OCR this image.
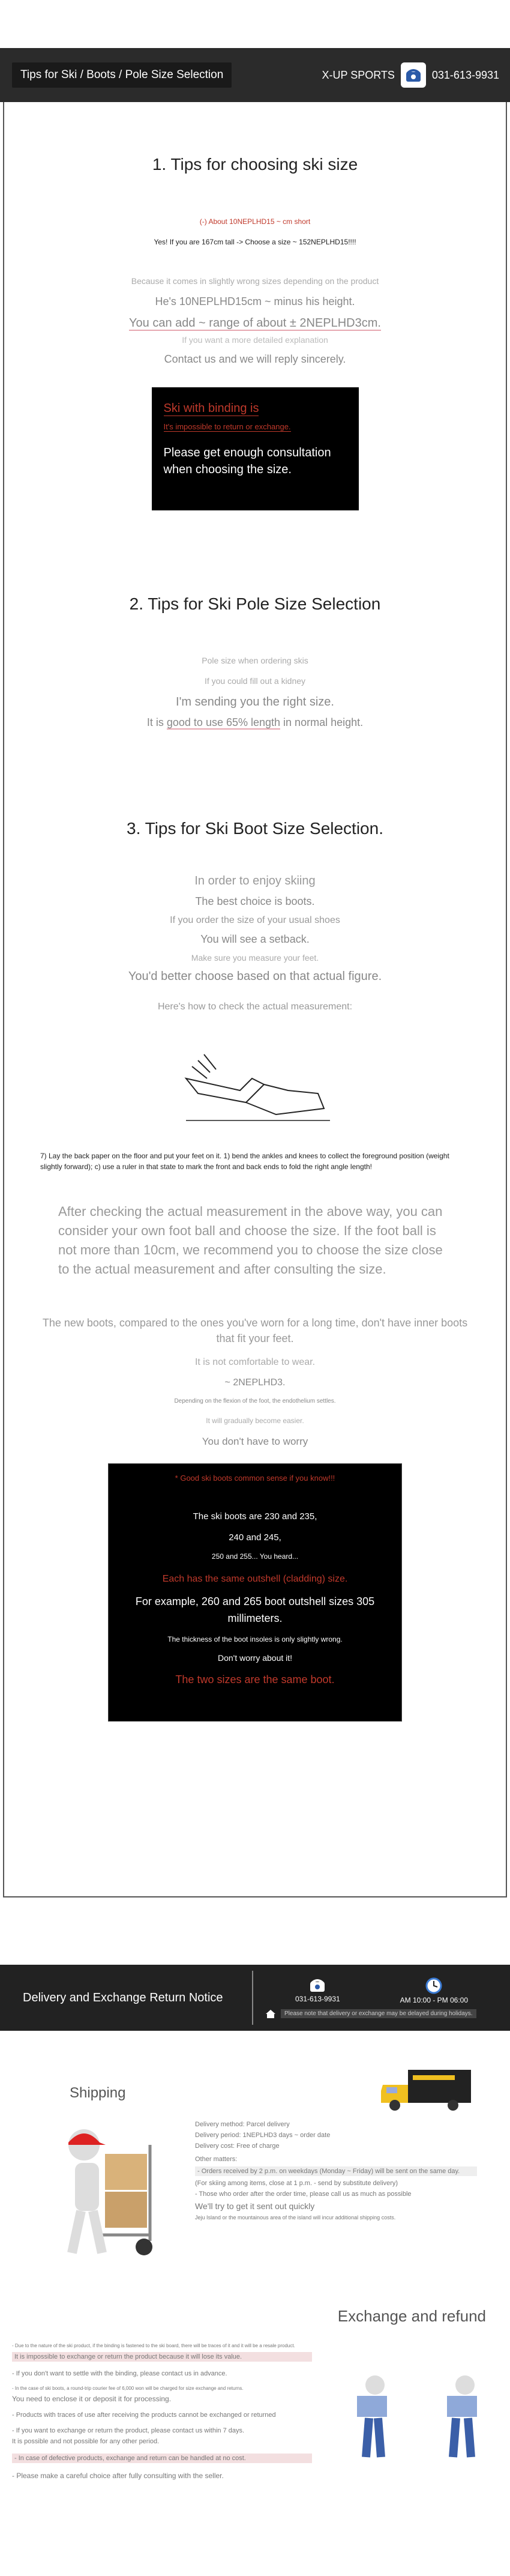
Tips for Ski / Boots / Pole Size Selection	X-UP SPORTS	031-613-9931
1. Tips for choosing ski size

(-) About 10NEPLHD15 ~ cm short

Yes! If you are 167cm tall -> Choose a size ~ 152NEPLHD15!!!!

Because it comes in slightly wrong sizes depending on the product

He's 10NEPLHD15cm ~ minus his height.

You can add ~ range of about ± 2NEPLHD3cm.

If you want a more detailed explanation

Contact us and we will reply sincerely.

Ski with binding is

It's impossible to return or exchange.

Please get enough consultation when choosing the size.

2. Tips for Ski Pole Size Selection

Pole size when ordering skis

If you could fill out a kidney

I'm sending you the right size.

It is good to use 65% length in normal height.

3. Tips for Ski Boot Size Selection.

In order to enjoy skiing

The best choice is boots.

If you order the size of your usual shoes

You will see a setback.

Make sure you measure your feet.

You'd better choose based on that actual figure.

Here's how to check the actual measurement:

7) Lay the back paper on the floor and put your feet on it. 1) bend the ankles and knees to collect the foreground position (weight slightly forward); c) use a ruler in that state to mark the front and back ends to fold the right angle length!

After checking the actual measurement in the above way, you can consider your own foot ball and choose the size. If the foot ball is not more than 10cm, we recommend you to choose the size close to the actual measurement and after consulting the size.

The new boots, compared to the ones you've worn for a long time, don't have inner boots that fit your feet.

It is not comfortable to wear.

~ 2NEPLHD3.

Depending on the flexion of the foot, the endothelium settles.

It will gradually become easier.

You don't have to worry

* Good ski boots common sense if you know!!!

The ski boots are 230 and 235,

240 and 245,

250 and 255... You heard...

Each has the same outshell (cladding) size.

For example, 260 and 265 boot outshell sizes 305 millimeters.

The thickness of the boot insoles is only slightly wrong.

Don't worry about it!

The two sizes are the same boot.

Delivery and Exchange Return Notice	031-613-9931	AM 10:00 - PM 06:00
Please note that delivery or exchange may be delayed during holidays.
Shipping
Delivery method: Parcel delivery
Delivery period: 1NEPLHD3 days ~ order date
Delivery cost: Free of charge
Other matters:
- Orders received by 2 p.m. on weekdays (Monday ~ Friday) will be sent on the same day.
(For skiing among items, close at 1 p.m. - send by substitute delivery)
- Those who order after the order time, please call us as much as possible
We'll try to get it sent out quickly
Jeju Island or the mountainous area of the island will incur additional shipping costs.
Exchange and refund
- Due to the nature of the ski product, if the binding is fastened to the ski board, there will be traces of it and it will be a resale product.
It is impossible to exchange or return the product because it will lose its value.
- If you don't want to settle with the binding, please contact us in advance.
- In the case of ski boots, a round-trip courier fee of 6,000 won will be charged for size exchange and returns.
You need to enclose it or deposit it for processing.
- Products with traces of use after receiving the products cannot be exchanged or returned
- If you want to exchange or return the product, please contact us within 7 days.
It is possible and not possible for any other period.
- In case of defective products, exchange and return can be handled at no cost.
- Please make a careful choice after fully consulting with the seller.
